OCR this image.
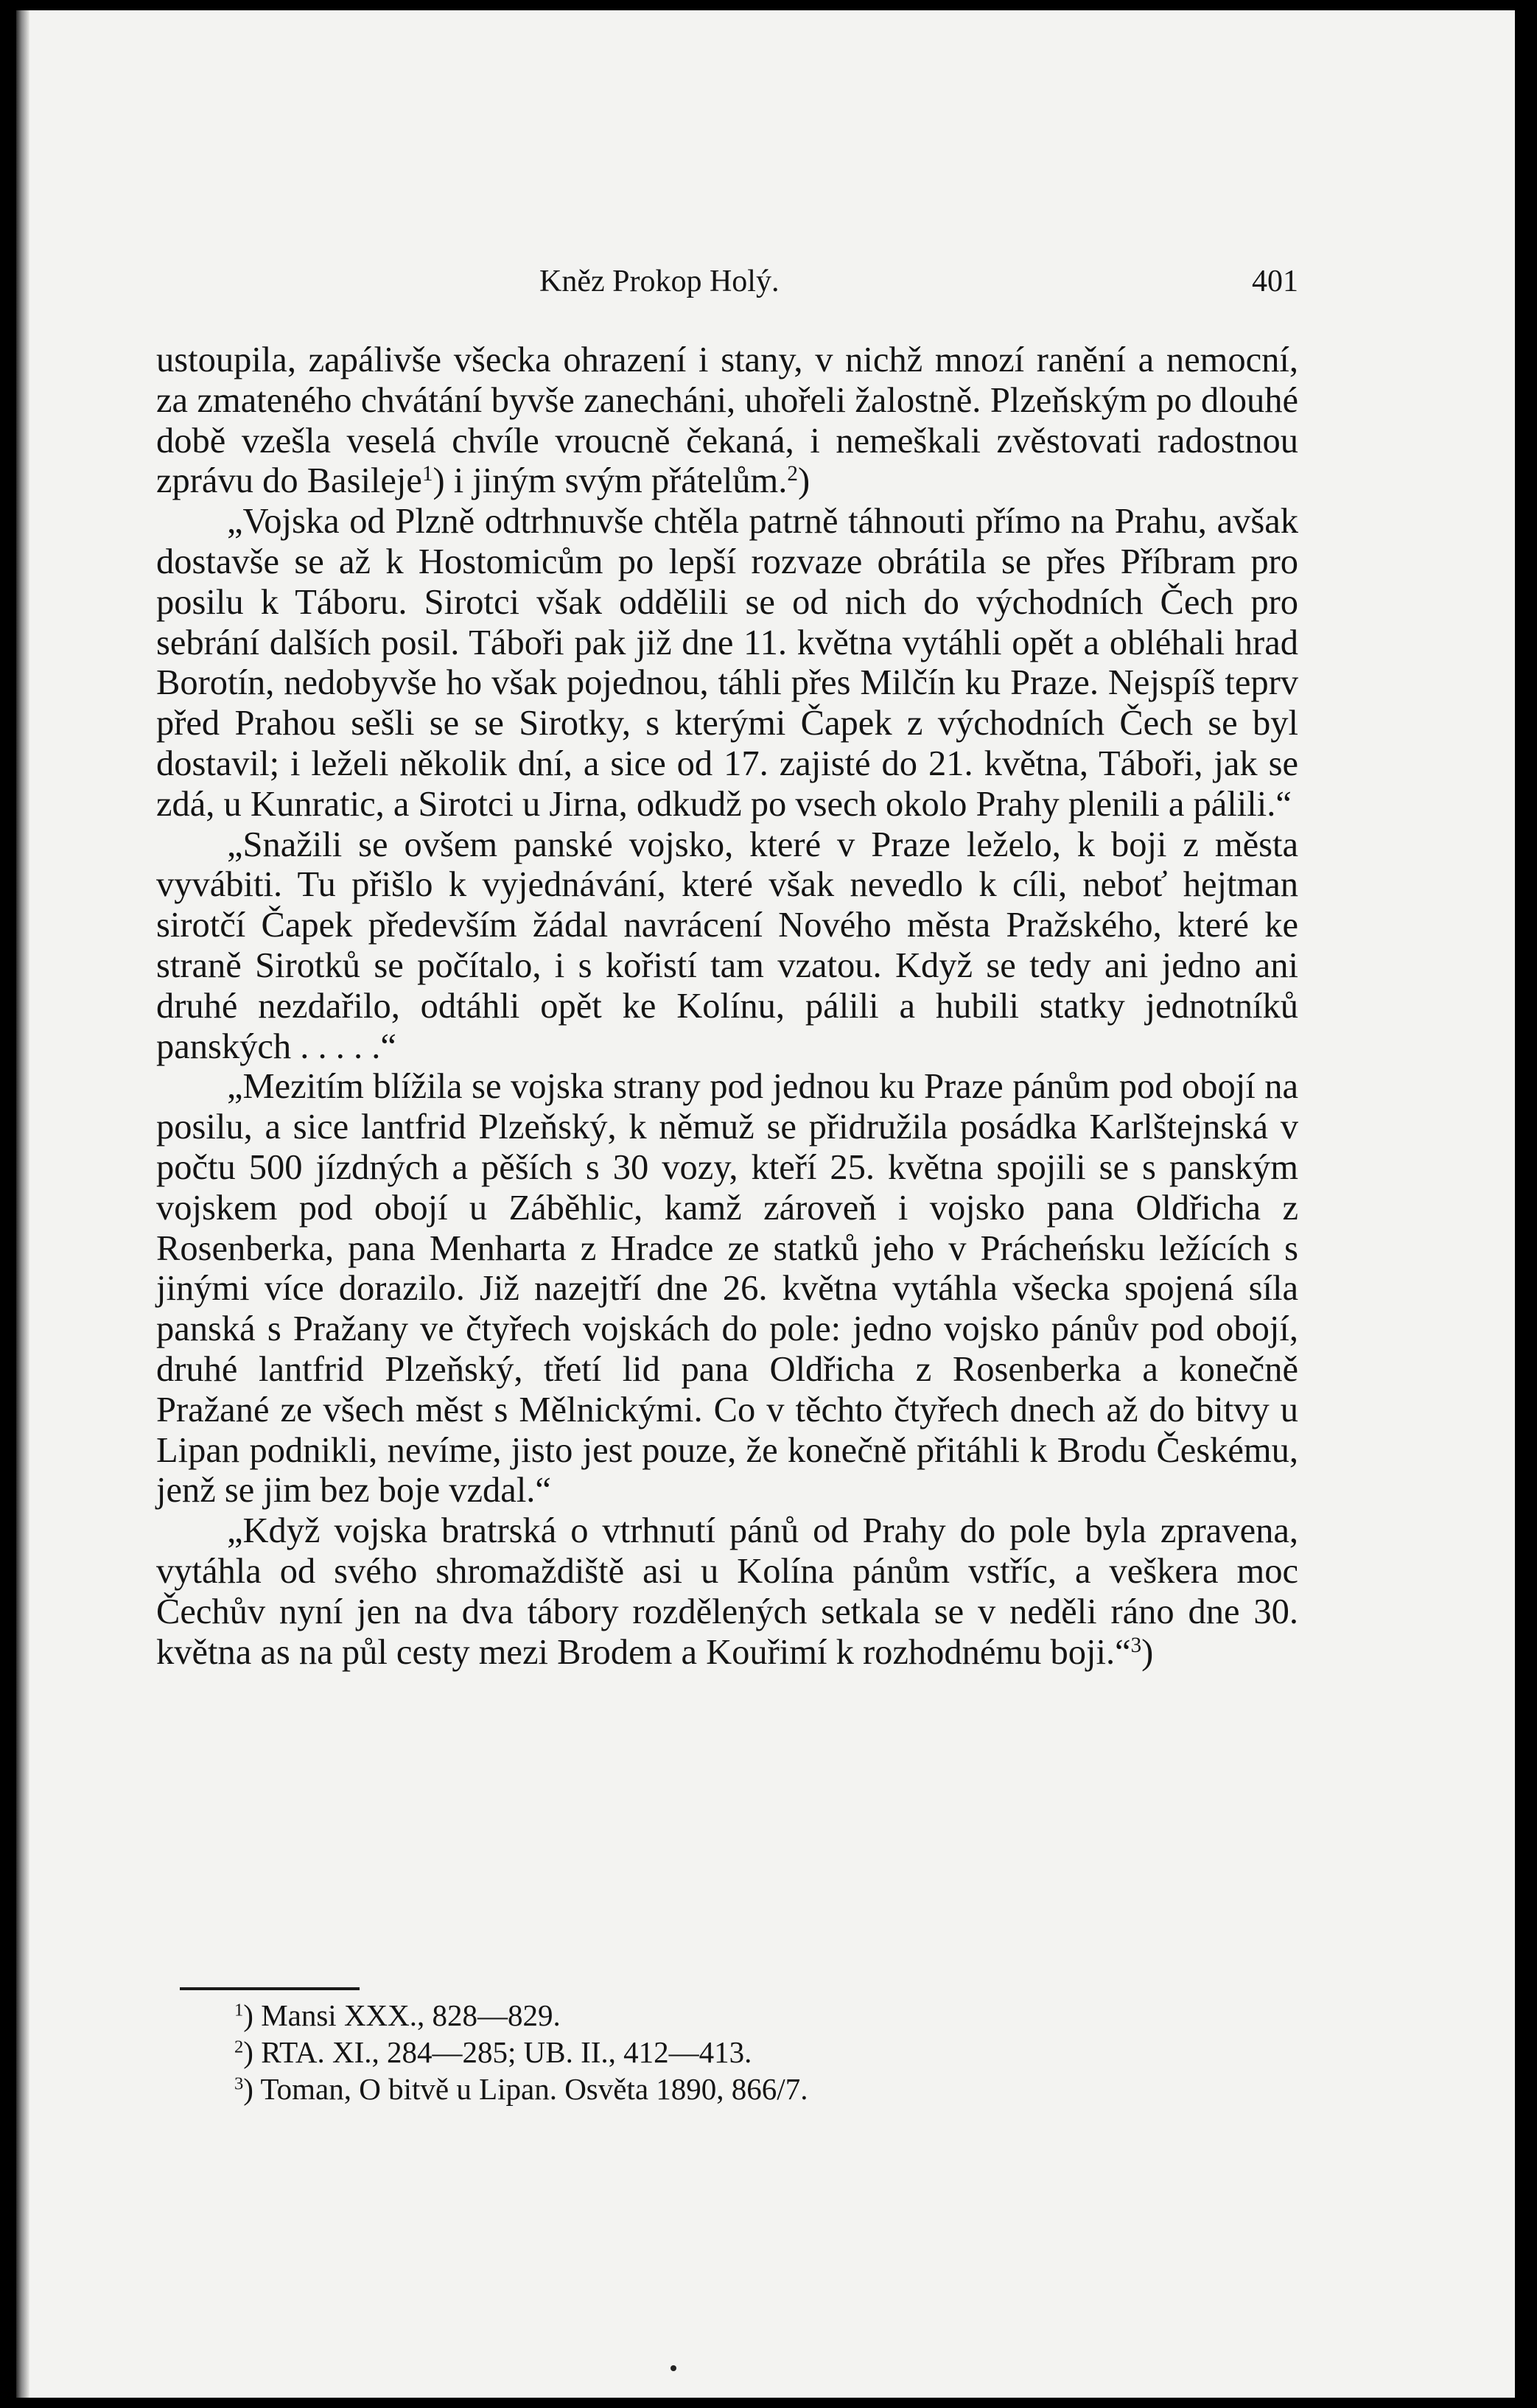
Kněz Prokop Holý.	401

ustoupila, zapálivše všecka ohrazení i stany, v nichž mnozí ranění a nemocní, za zmateného chvátání byvše zanecháni, uhořeli žalostně. Plzeňským po dlouhé době vzešla veselá chvíle vroucně čekaná, i nemeškali zvěstovati radostnou zprávu do Basileje$^1$) i jiným svým přátelům.$^2$)

„Vojska od Plzně odtrhnuvše chtěla patrně táhnouti přímo na Prahu, avšak dostavše se až k Hostomicům po lepší rozvaze obrátila se přes Příbram pro posilu k Táboru. Sirotci však oddělili se od nich do východních Čech pro sebrání dalších posil. Táboři pak již dne 11. května vytáhli opět a obléhali hrad Borotín, nedobyvše ho však pojednou, táhli přes Milčín ku Praze. Nejspíš teprv před Prahou sešli se se Sirotky, s kterými Čapek z východních Čech se byl dostavil; i leželi několik dní, a sice od 17. zajisté do 21. května, Táboři, jak se zdá, u Kunratic, a Sirotci u Jirna, odkudž po vsech okolo Prahy plenili a pálili.“

„Snažili se ovšem panské vojsko, které v Praze leželo, k boji z města vyvábiti. Tu přišlo k vyjednávání, které však nevedlo k cíli, neboť hejtman sirotčí Čapek především žádal navrácení Nového města Pražského, které ke straně Sirotků se počítalo, i s kořistí tam vzatou. Když se tedy ani jedno ani druhé nezdařilo, odtáhli opět ke Kolínu, pálili a hubili statky jednotníků panských . . . . .“

„Mezitím blížila se vojska strany pod jednou ku Praze pánům pod obojí na posilu, a sice lantfrid Plzeňský, k němuž se přidružila posádka Karlštejnská v počtu 500 jízdných a pěších s 30 vozy, kteří 25. května spojili se s panským vojskem pod obojí u Záběhlic, kamž zároveň i vojsko pana Oldřicha z Rosenberka, pana Menharta z Hradce ze statků jeho v Prácheńsku ležících s jinými více dorazilo. Již nazejtří dne 26. května vytáhla všecka spojená síla panská s Pražany ve čtyřech vojskách do pole: jedno vojsko pánův pod obojí, druhé lantfrid Plzeňský, třetí lid pana Oldřicha z Rosenberka a konečně Pražané ze všech měst s Mělnickými. Co v těchto čtyřech dnech až do bitvy u Lipan podnikli, nevíme, jisto jest pouze, že konečně přitáhli k Brodu Českému, jenž se jim bez boje vzdal.“

„Když vojska bratrská o vtrhnutí pánů od Prahy do pole byla zpravena, vytáhla od svého shromaždiště asi u Kolína pánům vstříc, a veškera moc Čechův nyní jen na dva tábory rozdělených setkala se v neděli ráno dne 30. května as na půl cesty mezi Brodem a Kouřimí k rozhodnému boji.“$^3$)

$^1$) Mansi XXX., 828—829.
$^2$) RTA. XI., 284—285; UB. II., 412—413.
$^3$) Toman, O bitvě u Lipan. Osvěta 1890, 866/7.
